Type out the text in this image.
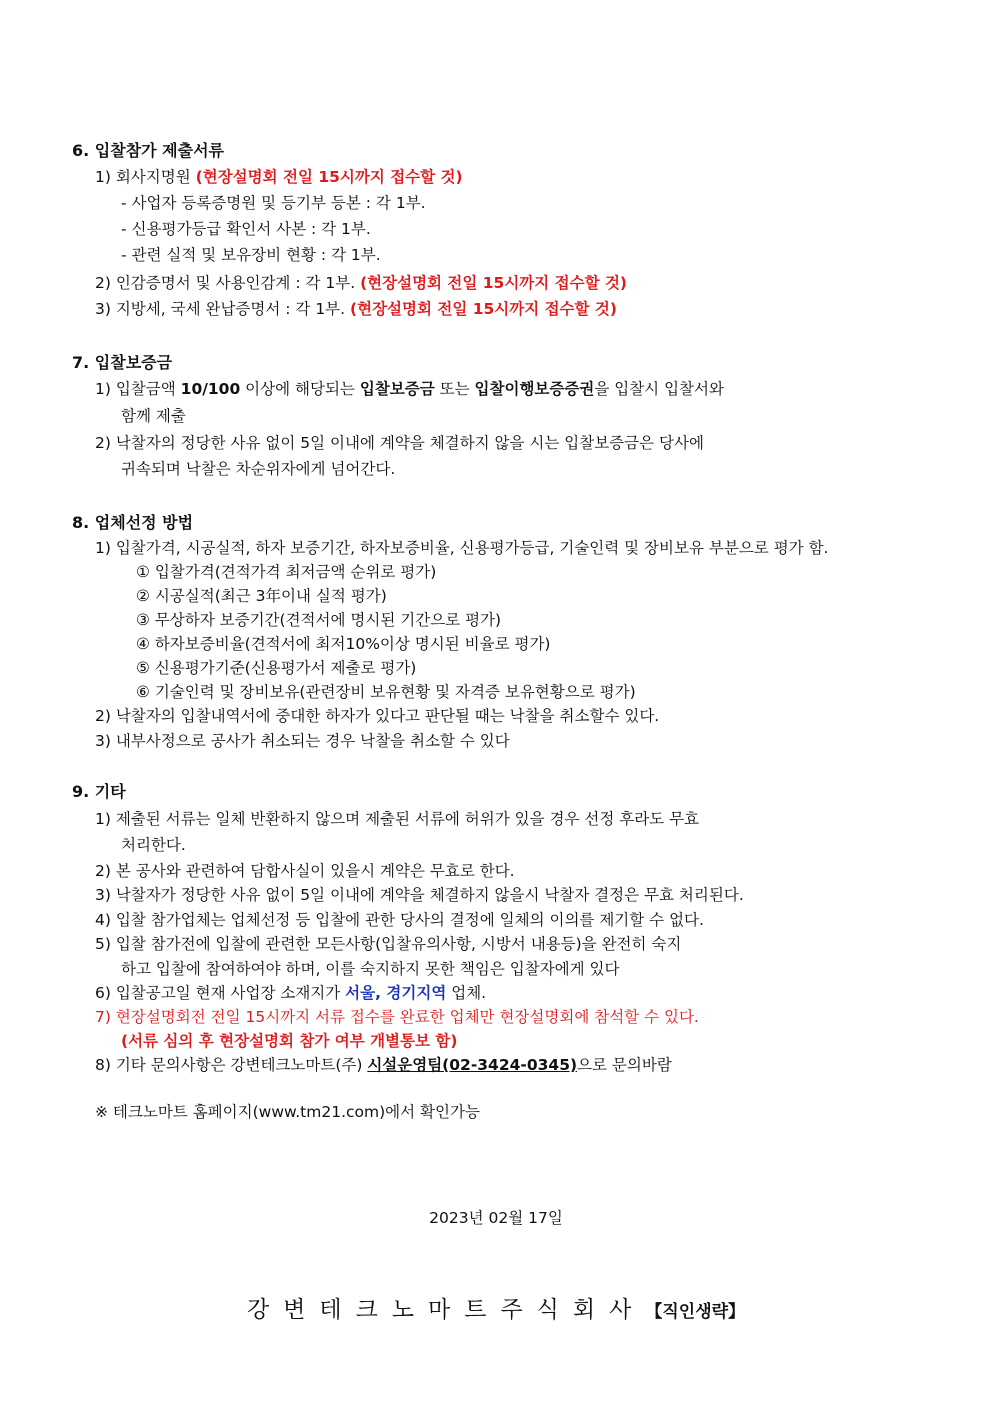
6. 입찰참가 제출서류
1) 회사지명원 (현장설명회 전일 15시까지 접수할 것)
- 사업자 등록증명원 및 등기부 등본 : 각 1부.
- 신용평가등급 확인서 사본 : 각 1부.
- 관련 실적 및 보유장비 현황 : 각 1부.
2) 인감증명서 및 사용인감계 : 각 1부. (현장설명회 전일 15시까지 접수할 것)
3) 지방세, 국세 완납증명서 : 각 1부. (현장설명회 전일 15시까지 접수할 것)
7. 입찰보증금
1) 입찰금액 10/100 이상에 해당되는 입찰보증금 또는 입찰이행보증증권을 입찰시 입찰서와
함께 제출
2) 낙찰자의 정당한 사유 없이 5일 이내에 계약을 체결하지 않을 시는 입찰보증금은 당사에
귀속되며 낙찰은 차순위자에게 넘어간다.
8. 업체선정 방법
1) 입찰가격, 시공실적, 하자 보증기간, 하자보증비율, 신용평가등급, 기술인력 및 장비보유 부분으로 평가 함.
① 입찰가격(견적가격 최저금액 순위로 평가)
② 시공실적(최근 3年이내 실적 평가)
③ 무상하자 보증기간(견적서에 명시된 기간으로 평가)
④ 하자보증비율(견적서에 최저10%이상 명시된 비율로 평가)
⑤ 신용평가기준(신용평가서 제출로 평가)
⑥ 기술인력 및 장비보유(관련장비 보유현황 및 자격증 보유현황으로 평가)
2) 낙찰자의 입찰내역서에 중대한 하자가 있다고 판단될 때는 낙찰을 취소할수 있다.
3) 내부사정으로 공사가 취소되는 경우 낙찰을 취소할 수 있다
9. 기타
1) 제출된 서류는 일체 반환하지 않으며 제출된 서류에 허위가 있을 경우 선정 후라도 무효
처리한다.
2) 본 공사와 관련하여 담합사실이 있을시 계약은 무효로 한다.
3) 낙찰자가 정당한 사유 없이 5일 이내에 계약을 체결하지 않을시 낙찰자 결정은 무효 처리된다.
4) 입찰 참가업체는 업체선정 등 입찰에 관한 당사의 결정에 일체의 이의를 제기할 수 없다.
5) 입찰 참가전에 입찰에 관련한 모든사항(입찰유의사항, 시방서 내용등)을 완전히 숙지
하고 입찰에 참여하여야 하며, 이를 숙지하지 못한 책임은 입찰자에게 있다
6) 입찰공고일 현재 사업장 소재지가 서울, 경기지역 업체.
7) 현장설명회전 전일 15시까지 서류 접수를 완료한 업체만 현장설명회에 참석할 수 있다.
(서류 심의 후 현장설명회 참가 여부 개별통보 함)
8) 기타 문의사항은 강변테크노마트(주) 시설운영팀(02-3424-0345)으로 문의바람
※ 테크노마트 홈페이지(www.tm21.com)에서 확인가능
2023년 02월 17일
강변테크노마트주식회사【직인생략】
